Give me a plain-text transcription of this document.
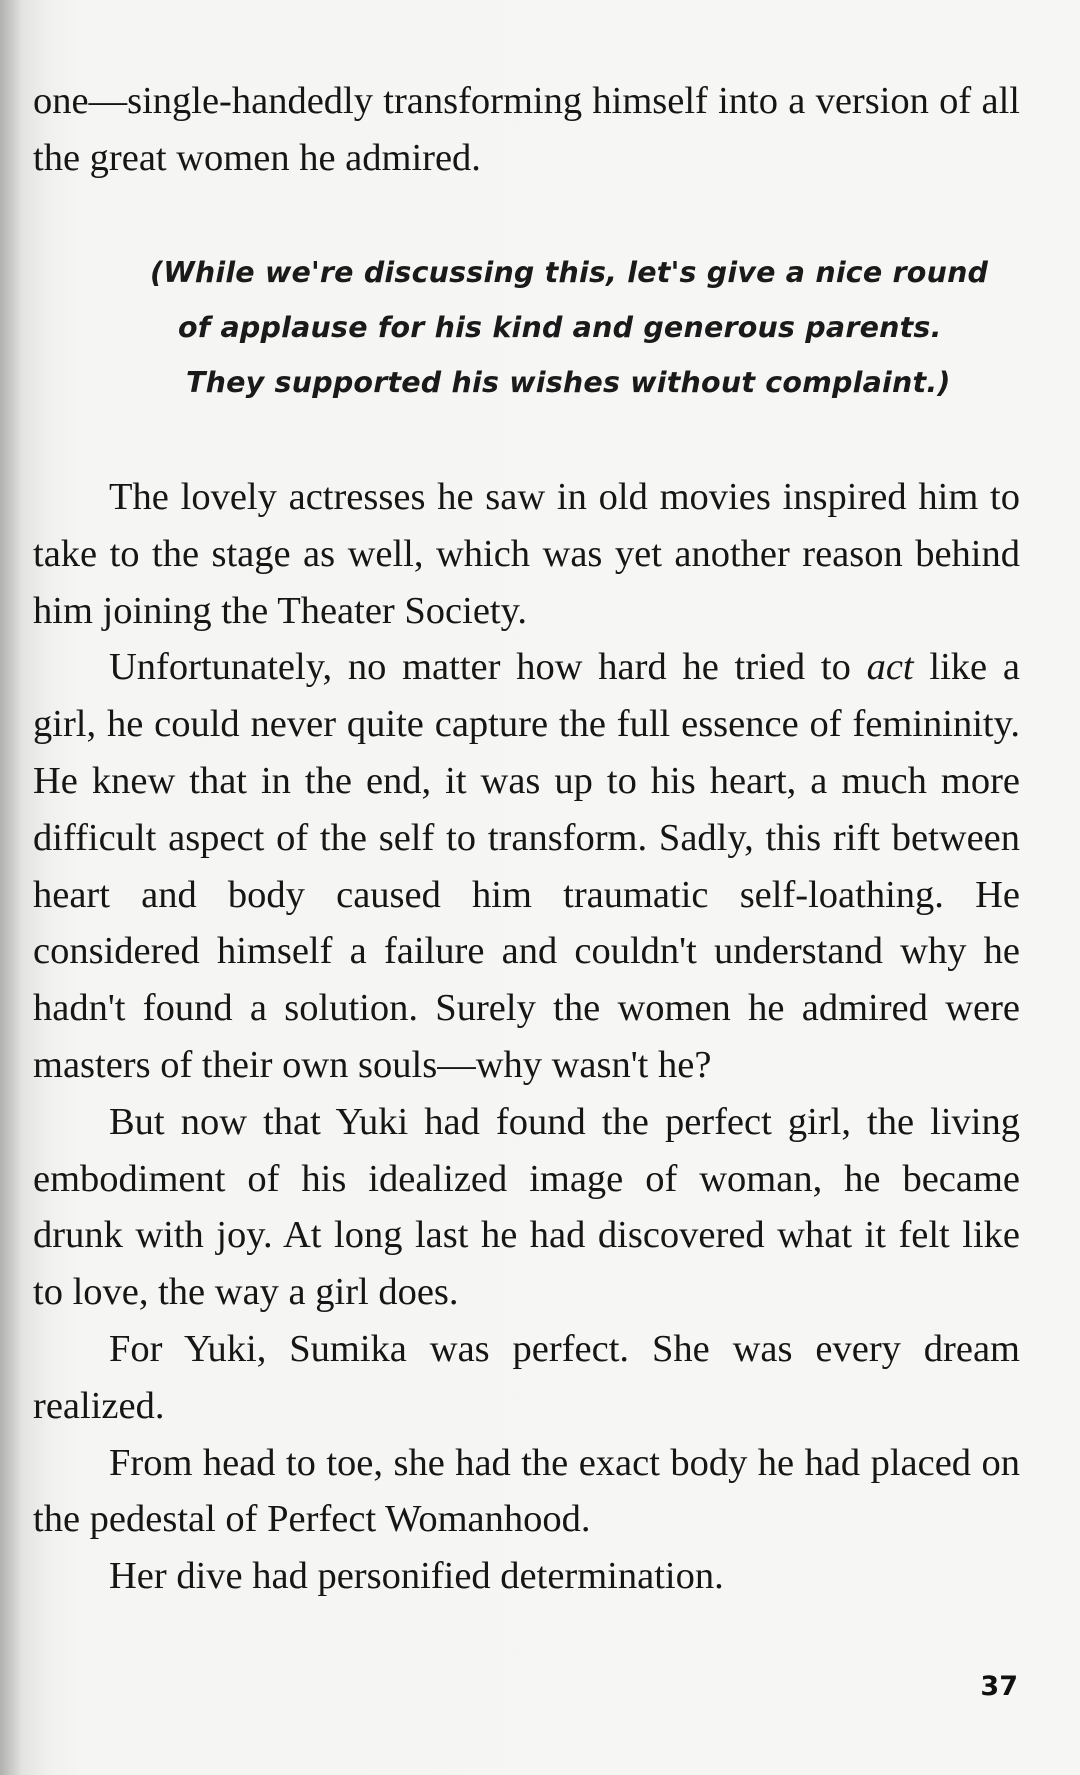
one—single-handedly transforming himself into a version of all the great women he admired.

(While we're discussing this, let's give a nice round

of applause for his kind and generous parents.

They supported his wishes without complaint.)

The lovely actresses he saw in old movies inspired him to take to the stage as well, which was yet another reason behind him joining the Theater Society.

Unfortunately, no matter how hard he tried to act like a girl, he could never quite capture the full essence of femininity. He knew that in the end, it was up to his heart, a much more difficult aspect of the self to transform. Sadly, this rift between heart and body caused him traumatic self-loathing. He considered himself a failure and couldn't understand why he hadn't found a solution. Surely the women he admired were masters of their own souls—why wasn't he?

But now that Yuki had found the perfect girl, the living embodiment of his idealized image of woman, he became drunk with joy. At long last he had discovered what it felt like to love, the way a girl does.

For Yuki, Sumika was perfect. She was every dream realized.

From head to toe, she had the exact body he had placed on the pedestal of Perfect Womanhood.

Her dive had personified determination.

37
